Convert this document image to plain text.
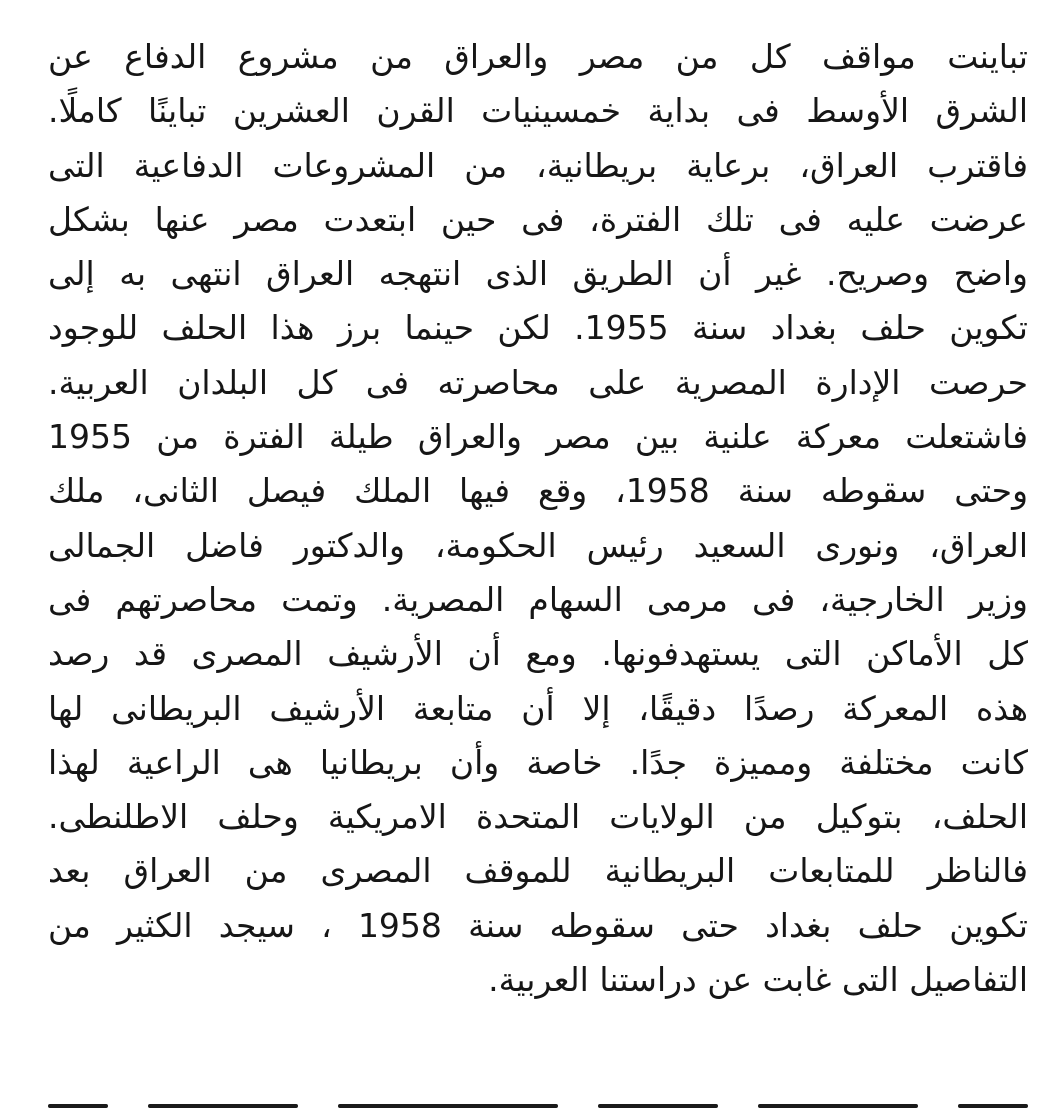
تباينت مواقف كل من مصر والعراق من مشروع الدفاع عن
الشرق الأوسط فى بداية خمسينيات القرن العشرين تباينًا كاملًا.
فاقترب العراق، برعاية بريطانية، من المشروعات الدفاعية التى
عرضت عليه فى تلك الفترة، فى حين ابتعدت مصر عنها بشكل
واضح وصريح. غير أن الطريق الذى انتهجه العراق انتهى به إلى
تكوين حلف بغداد سنة 1955. لكن حينما برز هذا الحلف للوجود
حرصت الإدارة المصرية على محاصرته فى كل البلدان العربية.
فاشتعلت معركة علنية بين مصر والعراق طيلة الفترة من 1955
وحتى سقوطه سنة 1958، وقع فيها الملك فيصل الثانى، ملك
العراق، ونورى السعيد رئيس الحكومة، والدكتور فاضل الجمالى
وزير الخارجية، فى مرمى السهام المصرية. وتمت محاصرتهم فى
كل الأماكن التى يستهدفونها. ومع أن الأرشيف المصرى قد رصد
هذه المعركة رصدًا دقيقًا، إلا أن متابعة الأرشيف البريطانى لها
كانت مختلفة ومميزة جدًا. خاصة وأن بريطانيا هى الراعية لهذا
الحلف، بتوكيل من الولايات المتحدة الامريكية وحلف الاطلنطى.
فالناظر للمتابعات البريطانية للموقف المصرى من العراق بعد
تكوين حلف بغداد حتى سقوطه سنة 1958 ، سيجد الكثير من
التفاصيل التى غابت عن دراستنا العربية.
